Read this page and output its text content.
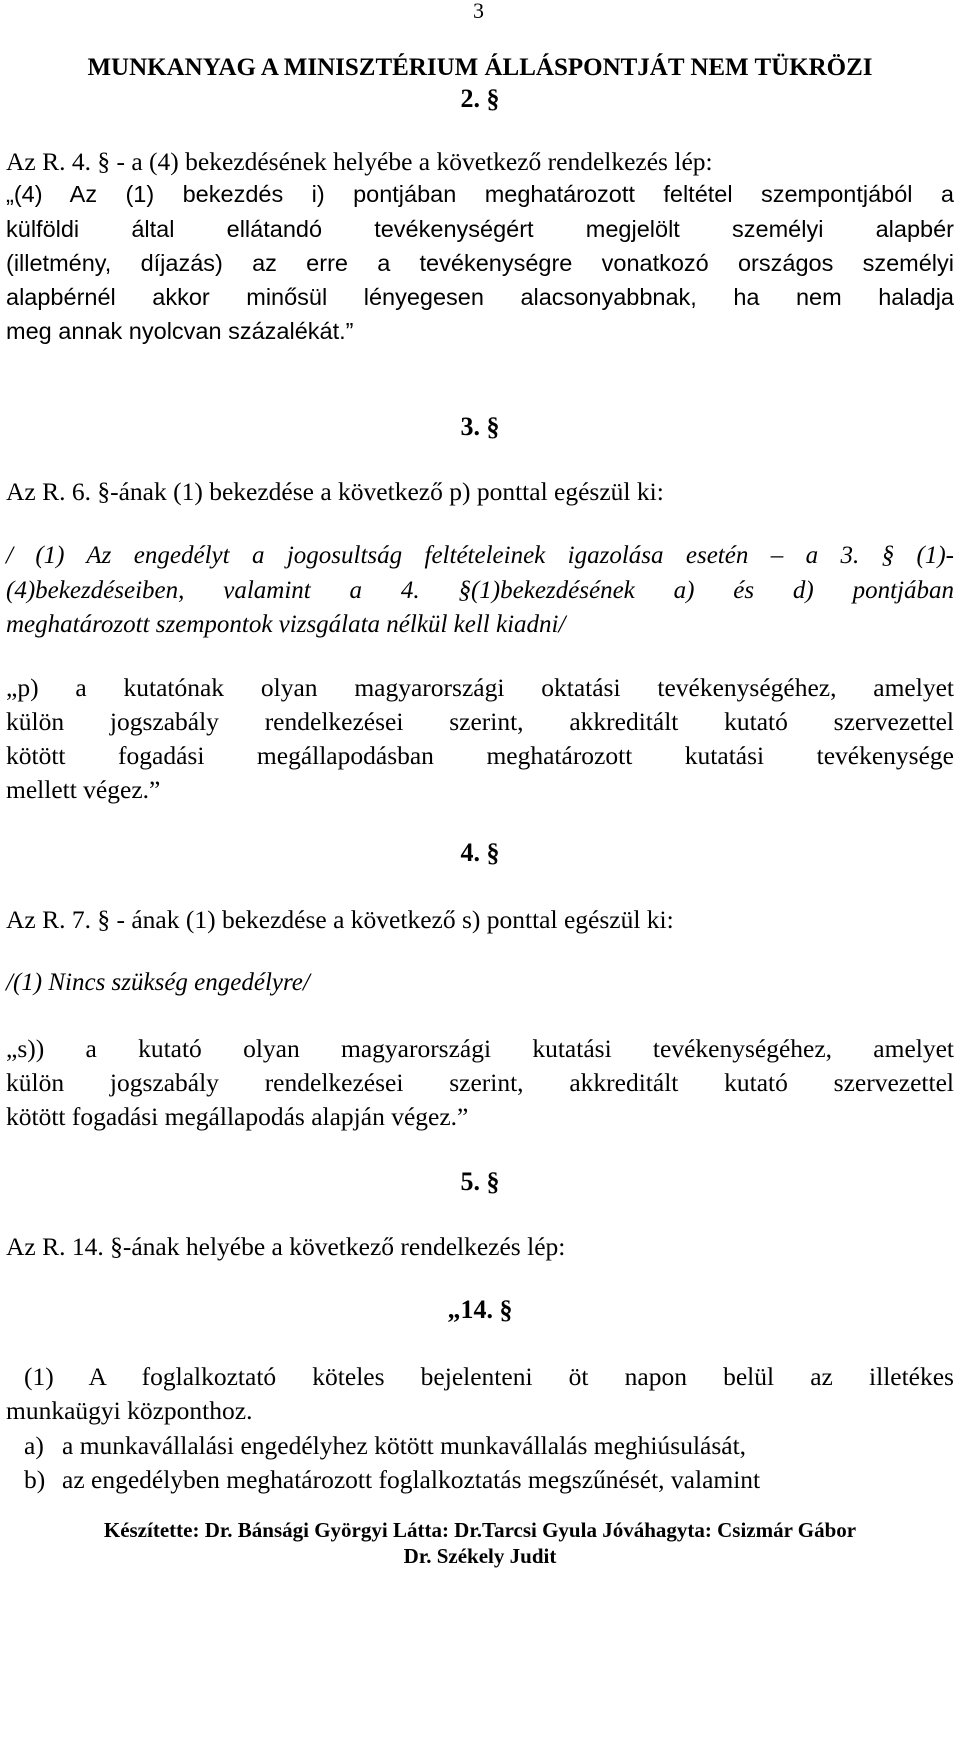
3
MUNKANYAG A MINISZTÉRIUM ÁLLÁSPONTJÁT NEM TÜKRÖZI
2. §
Az R. 4. § - a (4) bekezdésének helyébe a következő rendelkezés lép:
„(4) Az (1) bekezdés i) pontjában meghatározott feltétel szempontjából a
külföldi által ellátandó tevékenységért megjelölt személyi alapbér
(illetmény, díjazás) az erre a tevékenységre vonatkozó országos személyi
alapbérnél akkor minősül lényegesen alacsonyabbnak, ha nem haladja
meg annak nyolcvan százalékát.”
3. §
Az R. 6. §-ának (1) bekezdése a következő p) ponttal egészül ki:
/ (1) Az engedélyt a jogosultság feltételeinek igazolása esetén – a 3. § (1)-
(4)bekezdéseiben, valamint a 4. §(1)bekezdésének a) és d) pontjában
meghatározott szempontok vizsgálata nélkül kell kiadni/
„p) a kutatónak olyan magyarországi oktatási tevékenységéhez, amelyet
külön jogszabály rendelkezései szerint, akkreditált kutató szervezettel
kötött fogadási megállapodásban meghatározott kutatási tevékenysége
mellett végez.”
4. §
Az R. 7. § - ának (1) bekezdése a következő s) ponttal egészül ki:
/(1) Nincs szükség engedélyre/
„s)) a kutató olyan magyarországi kutatási tevékenységéhez, amelyet
külön jogszabály rendelkezései szerint, akkreditált kutató szervezettel
kötött fogadási megállapodás alapján végez.”
5. §
Az R. 14. §-ának helyébe a következő rendelkezés lép:
„14. §
(1) A foglalkoztató köteles bejelenteni öt napon belül az illetékes
munkaügyi központhoz.
a) a munkavállalási engedélyhez kötött munkavállalás meghiúsulását,
b) az engedélyben meghatározott foglalkoztatás megszűnését, valamint
Készítette: Dr. Bánsági Györgyi Látta: Dr.Tarcsi Gyula Jóváhagyta: Csizmár Gábor
Dr. Székely Judit
